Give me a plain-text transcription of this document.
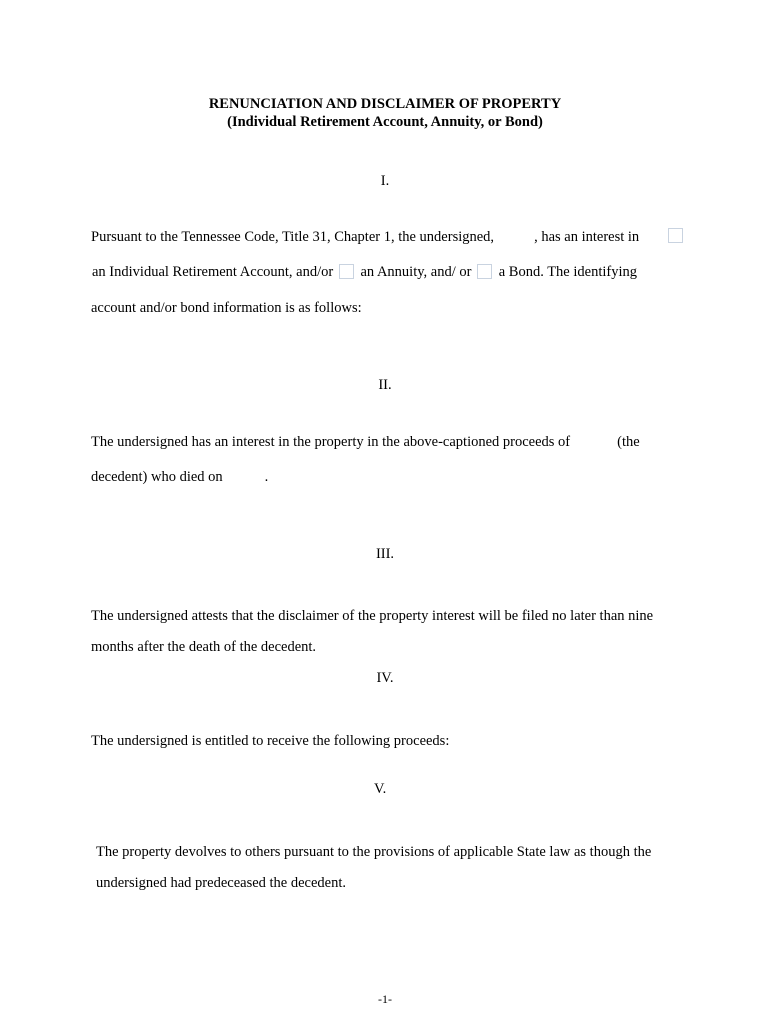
RENUNCIATION AND DISCLAIMER OF PROPERTY
(Individual Retirement Account, Annuity, or Bond)
I.
Pursuant to the Tennessee Code, Title 31, Chapter 1, the undersigned,	, has an interest in
an Individual Retirement Account, and/or an Annuity, and/ or a Bond. The identifying
account and/or bond information is as follows:
II.
The undersigned has an interest in the property in the above-captioned proceeds of	(the
decedent) who died on	.
III.
The undersigned attests that the disclaimer of the property interest will be filed no later than nine
months after the death of the decedent.
IV.
The undersigned is entitled to receive the following proceeds:
V.
The property devolves to others pursuant to the provisions of applicable State law as though the
undersigned had predeceased the decedent.
-1-
